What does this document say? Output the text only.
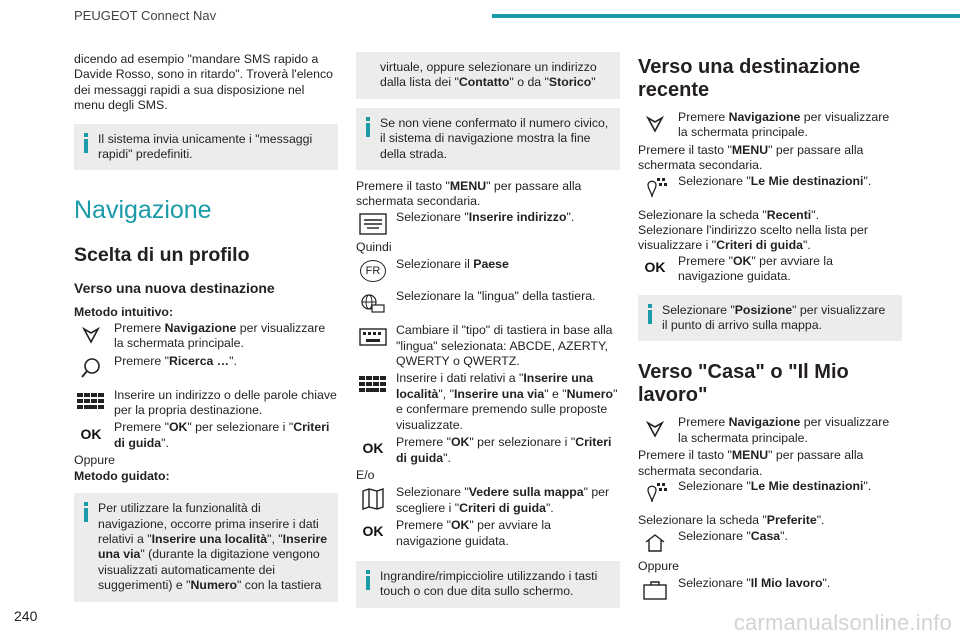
PEUGEOT Connect Nav

dicendo ad esempio "mandare SMS rapido a Davide Rosso, sono in ritardo". Troverà l'elenco dei messaggi rapidi a sua disposizione nel menu degli SMS.

Il sistema invia unicamente i "messaggi rapidi" predefiniti.
Navigazione
Scelta di un profilo
Verso una nuova destinazione

Metodo intuitivo:

Premere Navigazione per visualizzare la schermata principale.
Premere "Ricerca …".
Inserire un indirizzo o delle parole chiave per la propria destinazione.
OK	Premere "OK" per selezionare i "Criteri di guida".

Oppure

Metodo guidato:

Per utilizzare la funzionalità di navigazione, occorre prima inserire i dati relativi a "Inserire una località", "Inserire una via" (durante la digitazione vengono visualizzati automaticamente dei suggerimenti) e "Numero" con la tastiera
virtuale, oppure selezionare un indirizzo dalla lista dei "Contatto" o da "Storico"
Se non viene confermato il numero civico, il sistema di navigazione mostra la fine della strada.

Premere il tasto "MENU" per passare alla schermata secondaria.

Selezionare "Inserire indirizzo".

Quindi

FR	Selezionare il Paese
Selezionare la "lingua" della tastiera.
Cambiare il "tipo" di tastiera in base alla "lingua" selezionata: ABCDE, AZERTY, QWERTY o QWERTZ.
Inserire i dati relativi a "Inserire una località", "Inserire una via" e "Numero" e confermare premendo sulle proposte visualizzate.
OK	Premere "OK" per selezionare i "Criteri di guida".

E/o

Selezionare "Vedere sulla mappa" per scegliere i "Criteri di guida".
OK	Premere "OK" per avviare la navigazione guidata.
Ingrandire/rimpicciolire utilizzando i tasti touch o con due dita sullo schermo.
Verso una destinazione recente
Premere Navigazione per visualizzare la schermata principale.

Premere il tasto "MENU" per passare alla schermata secondaria.

Selezionare "Le Mie destinazioni".

Selezionare la scheda "Recenti".

Selezionare l'indirizzo scelto nella lista per visualizzare i "Criteri di guida".

OK	Premere "OK" per avviare la navigazione guidata.
Selezionare "Posizione" per visualizzare il punto di arrivo sulla mappa.
Verso "Casa" o "Il Mio lavoro"
Premere Navigazione per visualizzare la schermata principale.

Premere il tasto "MENU" per passare alla schermata secondaria.

Selezionare "Le Mie destinazioni".

Selezionare la scheda "Preferite".

Selezionare "Casa".

Oppure

Selezionare "Il Mio lavoro".
240	carmanualsonline.info
